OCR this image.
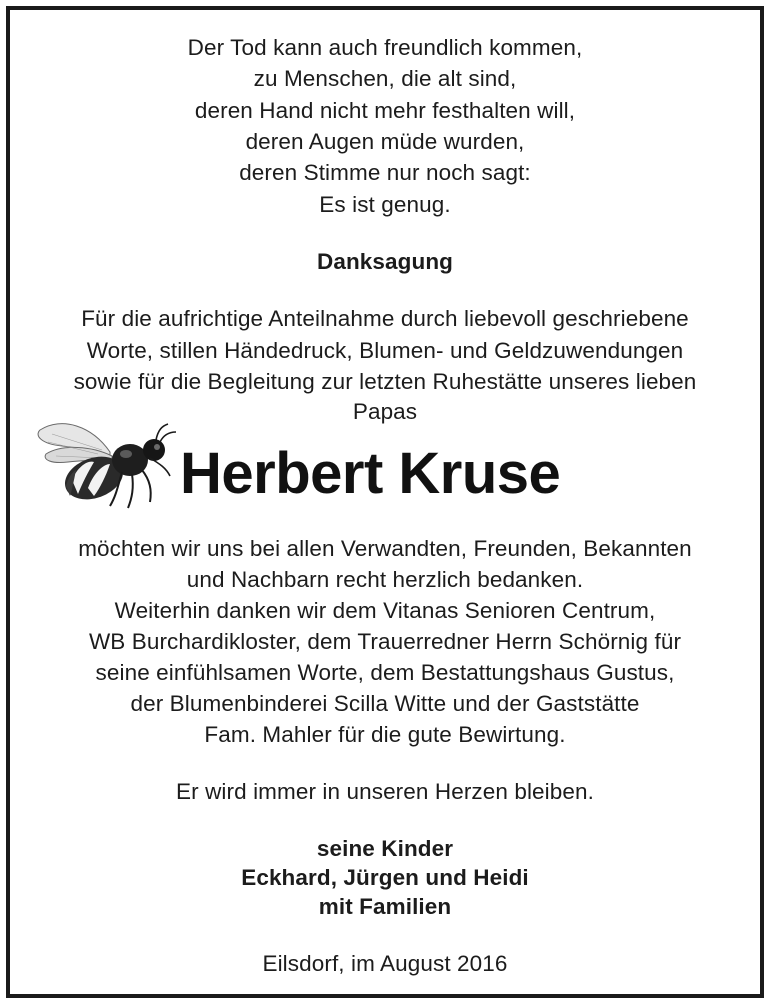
Der Tod kann auch freundlich kommen,
zu Menschen, die alt sind,
deren Hand nicht mehr festhalten will,
deren Augen müde wurden,
deren Stimme nur noch sagt:
Es ist genug.
Danksagung
Für die aufrichtige Anteilnahme durch liebevoll geschriebene
Worte, stillen Händedruck, Blumen- und Geldzuwendungen
sowie für die Begleitung zur letzten Ruhestätte unseres lieben
Papas
Herbert Kruse
möchten wir uns bei allen Verwandten, Freunden, Bekannten
und Nachbarn recht herzlich bedanken.
Weiterhin danken wir dem Vitanas Senioren Centrum,
WB Burchardikloster, dem Trauerredner Herrn Schörnig für
seine einfühlsamen Worte, dem Bestattungshaus Gustus,
der Blumenbinderei Scilla Witte und der Gaststätte
Fam. Mahler für die gute Bewirtung.
Er wird immer in unseren Herzen bleiben.
seine Kinder
Eckhard, Jürgen und Heidi
mit Familien
Eilsdorf, im August 2016
